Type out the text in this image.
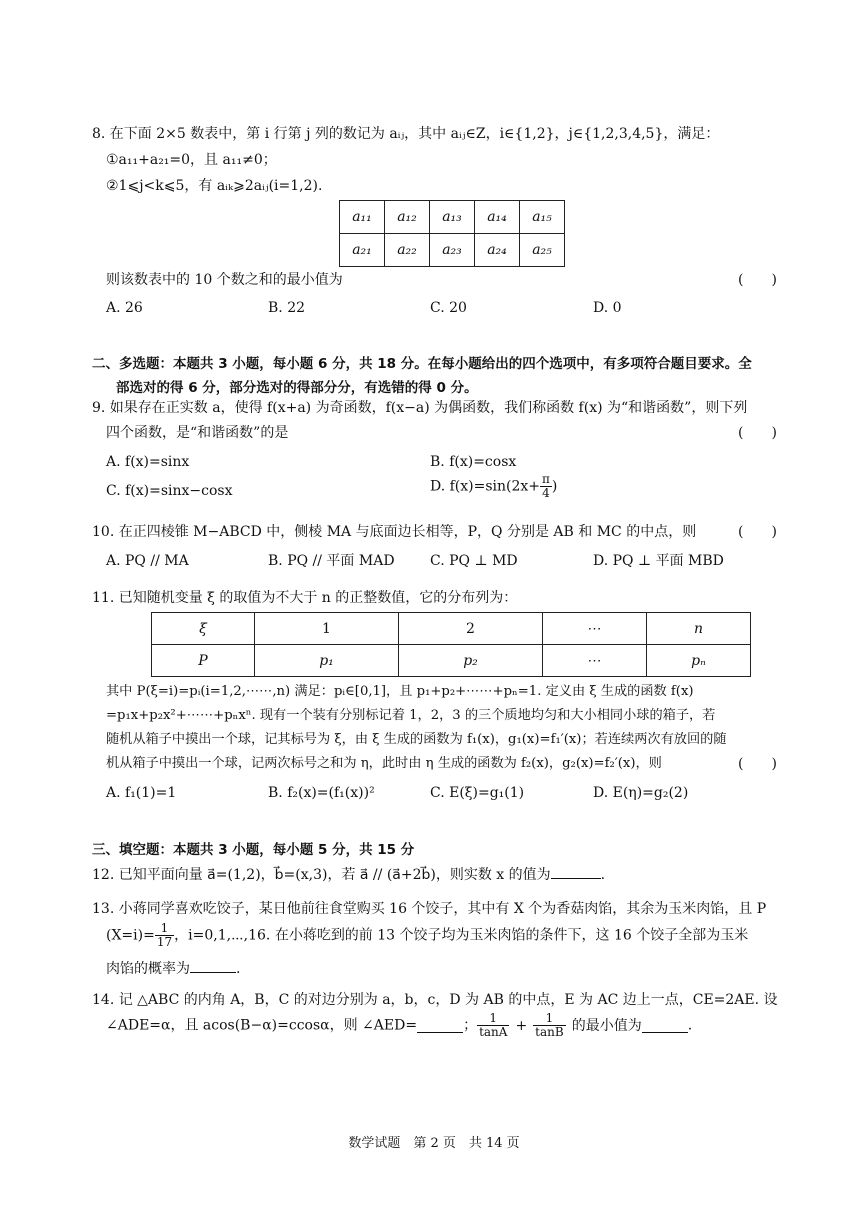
8. 在下面 2×5 数表中，第 i 行第 j 列的数记为 aᵢⱼ，其中 aᵢⱼ∈Z，i∈{1,2}，j∈{1,2,3,4,5}，满足：
①a₁₁+a₂₁=0，且 a₁₁≠0；
②1⩽j<k⩽5，有 aᵢₖ⩾2aᵢⱼ(i=1,2).
a₁₁	a₁₂	a₁₃	a₁₄	a₁₅
a₂₁	a₂₂	a₂₃	a₂₄	a₂₅
则该数表中的 10 个数之和的最小值为	(　　)
A. 26	B. 22	C. 20	D. 0
二、多选题：本题共 3 小题，每小题 6 分，共 18 分。在每小题给出的四个选项中，有多项符合题目要求。全
部选对的得 6 分，部分选对的得部分分，有选错的得 0 分。
9. 如果存在正实数 a，使得 f(x+a) 为奇函数，f(x−a) 为偶函数，我们称函数 f(x) 为“和谐函数”，则下列
四个函数，是“和谐函数”的是	(　　)
A. f(x)=sinx	B. f(x)=cosx
C. f(x)=sinx−cosx	D. $f(x)=\sin(2x+ \frac{\pi}{4}$ )
10. 在正四棱锥 M−ABCD 中，侧棱 MA 与底面边长相等，P，Q 分别是 AB 和 MC 的中点，则	(　　)
A. PQ // MA	B. PQ // 平面 MAD	C. PQ ⊥ MD	D. PQ ⊥ 平面 MBD
11. 已知随机变量 ξ 的取值为不大于 n 的正整数值，它的分布列为：
ξ	1	2	⋯	n
P	p₁	p₂	⋯	pₙ
其中 P(ξ=i)=pᵢ(i=1,2,⋯⋯,n) 满足：pᵢ∈[0,1]，且 p₁+p₂+⋯⋯+pₙ=1. 定义由 ξ 生成的函数 f(x)
=p₁x+p₂x²+⋯⋯+pₙxⁿ. 现有一个装有分别标记着 1，2，3 的三个质地均匀和大小相同小球的箱子，若
随机从箱子中摸出一个球，记其标号为 ξ，由 ξ 生成的函数为 f₁(x)，g₁(x)=f₁′(x)；若连续两次有放回的随
机从箱子中摸出一个球，记两次标号之和为 η，此时由 η 生成的函数为 f₂(x)，g₂(x)=f₂′(x)，则	(　　)
A. f₁(1)=1	B. f₂(x)=(f₁(x))²	C. E(ξ)=g₁(1)	D. E(η)=g₂(2)
三、填空题：本题共 3 小题，每小题 5 分，共 15 分
12. 已知平面向量 a⃗=(1,2)，b⃗=(x,3)，若 a⃗ // (a⃗+2b⃗)，则实数 x 的值为	.
13. 小蒋同学喜欢吃饺子，某日他前往食堂购买 16 个饺子，其中有 X 个为香菇肉馅，其余为玉米肉馅，且 P
$(X=i)= \frac{1}{17}$ ，i=0,1,⋯,16. 在小蒋吃到的前 13 个饺子均为玉米肉馅的条件下，这 16 个饺子全部为玉米
肉馅的概率为	.
14. 记 △ABC 的内角 A，B，C 的对边分别为 a，b，c，D 为 AB 的中点，E 为 AC 边上一点，CE=2AE. 设
∠ADE=α，且 acos(B−α)=ccosα，则 ∠AED=	； $\frac{1}{\tan A} + \frac{1}{\tan B}$ 的最小值为	.
数学试题　第 2 页　共 14 页
